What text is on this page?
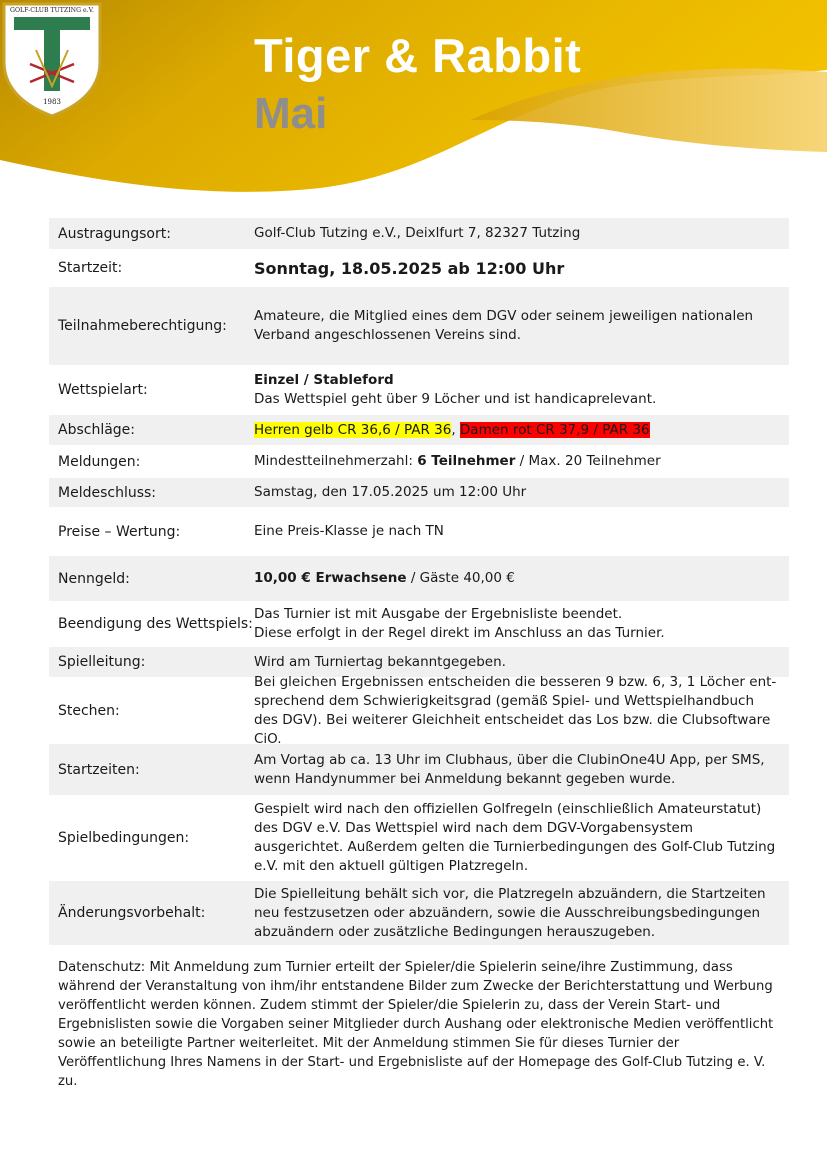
GOLF-CLUB TUTZING e.V.
1983
Tiger & Rabbit
Mai
Austragungsort:	Golf-Club Tutzing e.V., Deixlfurt 7, 82327 Tutzing
Startzeit:	Sonntag, 18.05.2025 ab 12:00 Uhr
Teilnahmeberechtigung:
Amateure, die Mitglied eines dem DGV oder seinem jeweiligen nationalen Verband angeschlossenen Vereins sind.
Wettspielart:
Einzel / Stableford
Das Wettspiel geht über 9 Löcher und ist handicaprelevant.
Abschläge:	Herren gelb CR 36,6 / PAR 36, Damen rot CR 37,9 / PAR 36
Meldungen:	Mindestteilnehmerzahl: 6 Teilnehmer / Max. 20 Teilnehmer
Meldeschluss:	Samstag, den 17.05.2025 um 12:00 Uhr
Preise – Wertung:	Eine Preis-Klasse je nach TN
Nenngeld:	10,00 € Erwachsene / Gäste 40,00 €
Beendigung des Wettspiels:
Das Turnier ist mit Ausgabe der Ergebnisliste beendet.
Diese erfolgt in der Regel direkt im Anschluss an das Turnier.
Spielleitung:	Wird am Turniertag bekanntgegeben.
Stechen:
Bei gleichen Ergebnissen entscheiden die besseren 9 bzw. 6, 3, 1 Löcher ent- sprechend dem Schwierigkeitsgrad (gemäß Spiel- und Wettspielhandbuch des DGV). Bei weiterer Gleichheit entscheidet das Los bzw. die Clubsoftware CiO.
Startzeiten:
Am Vortag ab ca. 13 Uhr im Clubhaus, über die ClubinOne4U App, per SMS, wenn Handynummer bei Anmeldung bekannt gegeben wurde.
Spielbedingungen:
Gespielt wird nach den offiziellen Golfregeln (einschließlich Amateurstatut) des DGV e.V. Das Wettspiel wird nach dem DGV-Vorgabensystem ausgerichtet. Außerdem gelten die Turnierbedingungen des Golf-Club Tutzing e.V. mit den aktuell gültigen Platzregeln.
Änderungsvorbehalt:
Die Spielleitung behält sich vor, die Platzregeln abzuändern, die Startzeiten neu festzusetzen oder abzuändern, sowie die Ausschreibungsbedingungen abzuändern oder zusätzliche Bedingungen herauszugeben.
Datenschutz: Mit Anmeldung zum Turnier erteilt der Spieler/die Spielerin seine/ihre Zustimmung, dass während der Veranstaltung von ihm/ihr entstandene Bilder zum Zwecke der Berichterstattung und Werbung veröffentlicht werden können. Zudem stimmt der Spieler/die Spielerin zu, dass der Verein Start- und Ergebnislisten sowie die Vorgaben seiner Mitglieder durch Aushang oder elektronische Medien veröffentlicht sowie an beteiligte Partner weiterleitet. Mit der Anmeldung stimmen Sie für dieses Turnier der Veröffentlichung Ihres Namens in der Start- und Ergebnisliste auf der Homepage des Golf-Club Tutzing e. V. zu.
